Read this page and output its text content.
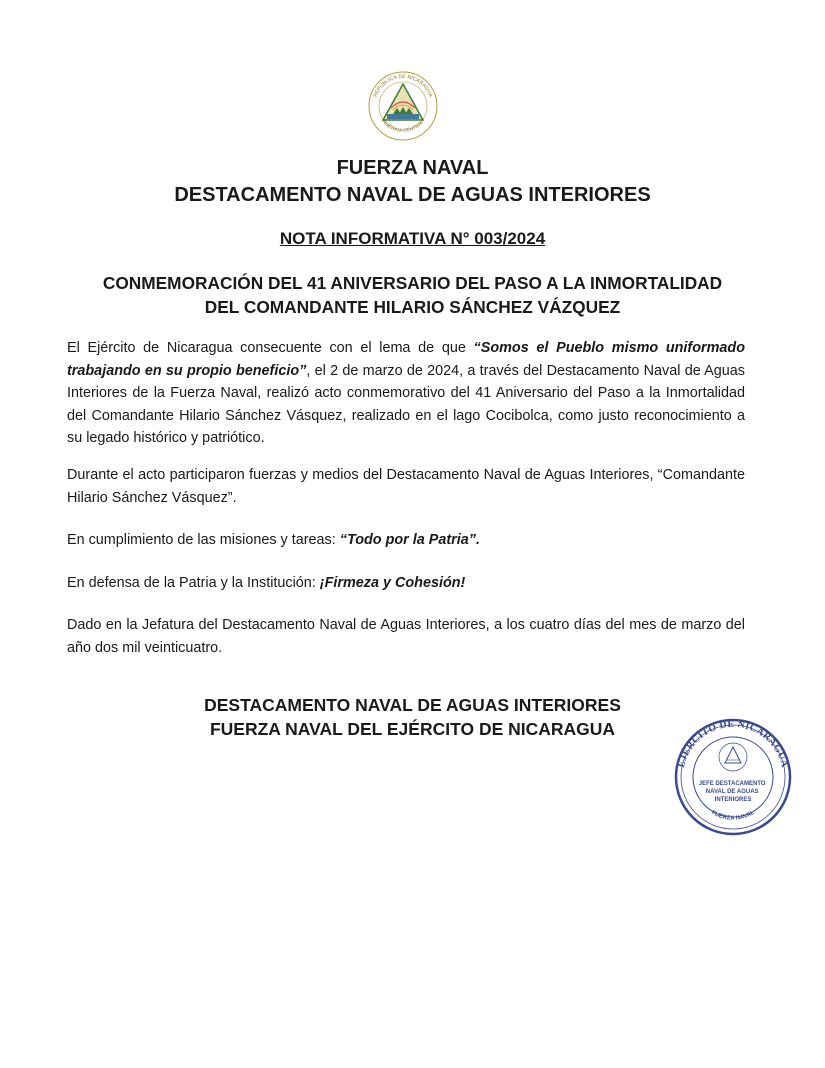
REPÚBLICA DE NICARAGUA
AMÉRICA CENTRAL
FUERZA NAVAL
DESTACAMENTO NAVAL DE AGUAS INTERIORES
NOTA INFORMATIVA N° 003/2024
CONMEMORACIÓN DEL 41 ANIVERSARIO DEL PASO A LA INMORTALIDAD
DEL COMANDANTE HILARIO SÁNCHEZ VÁZQUEZ

El Ejército de Nicaragua consecuente con el lema de que “Somos el Pueblo mismo uniformado trabajando en su propio beneficio”, el 2 de marzo de 2024, a través del Destacamento Naval de Aguas Interiores de la Fuerza Naval, realizó acto conmemorativo del 41 Aniversario del Paso a la Inmortalidad del Comandante Hilario Sánchez Vásquez, realizado en el lago Cocibolca, como justo reconocimiento a su legado histórico y patriótico.

Durante el acto participaron fuerzas y medios del Destacamento Naval de Aguas Interiores, “Comandante Hilario Sánchez Vásquez”.

En cumplimiento de las misiones y tareas: “Todo por la Patria”.

En defensa de la Patria y la Institución: ¡Firmeza y Cohesión!

Dado en la Jefatura del Destacamento Naval de Aguas Interiores, a los cuatro días del mes de marzo del año dos mil veinticuatro.

DESTACAMENTO NAVAL DE AGUAS INTERIORES
FUERZA NAVAL DEL EJÉRCITO DE NICARAGUA
EJÉRCITO DE NICARAGUA
JEFE DESTACAMENTO NAVAL DE AGUAS INTERIORES
FUERZA NAVAL
